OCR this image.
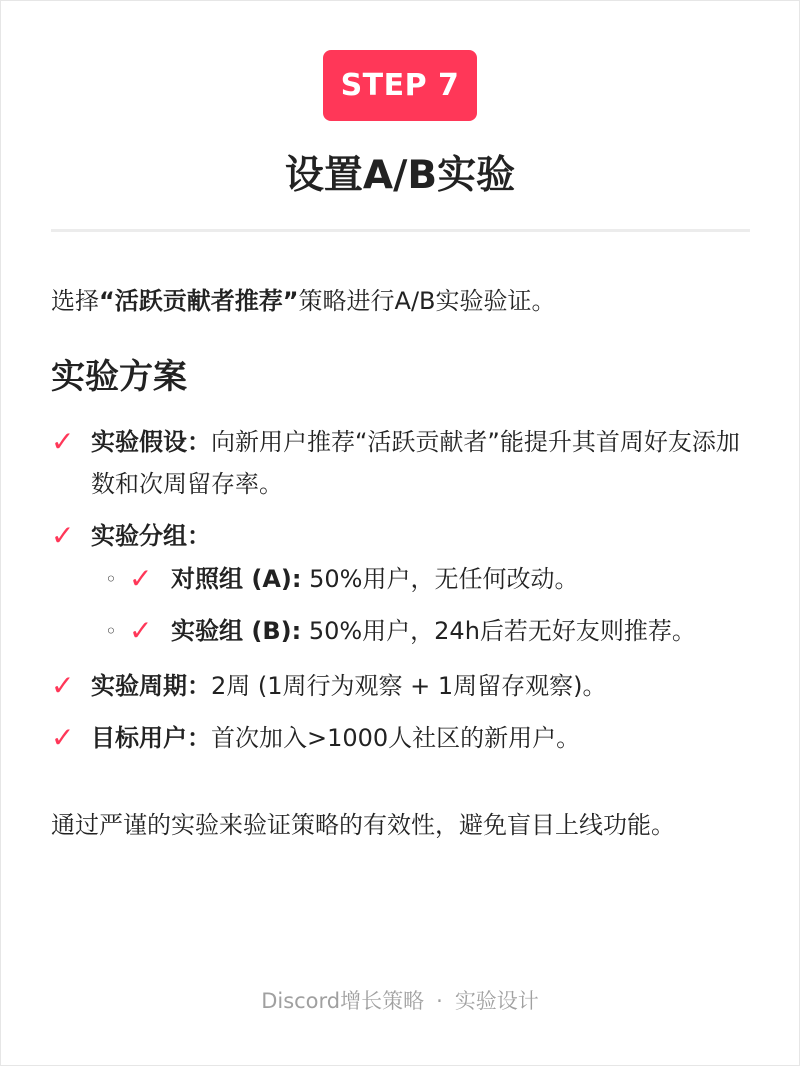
STEP 7
设置A/B实验
选择“活跃贡献者推荐”策略进行A/B实验验证。
实验方案
✓ 实验假设：向新用户推荐“活跃贡献者”能提升其首周好友添加数和次周留存率。
✓ 实验分组：
◦ ✓ 对照组 (A): 50%用户，无任何改动。
◦ ✓ 实验组 (B): 50%用户，24h后若无好友则推荐。
✓ 实验周期：2周 (1周行为观察 + 1周留存观察)。
✓ 目标用户：首次加入>1000人社区的新用户。
通过严谨的实验来验证策略的有效性，避免盲目上线功能。
Discord增长策略 · 实验设计
